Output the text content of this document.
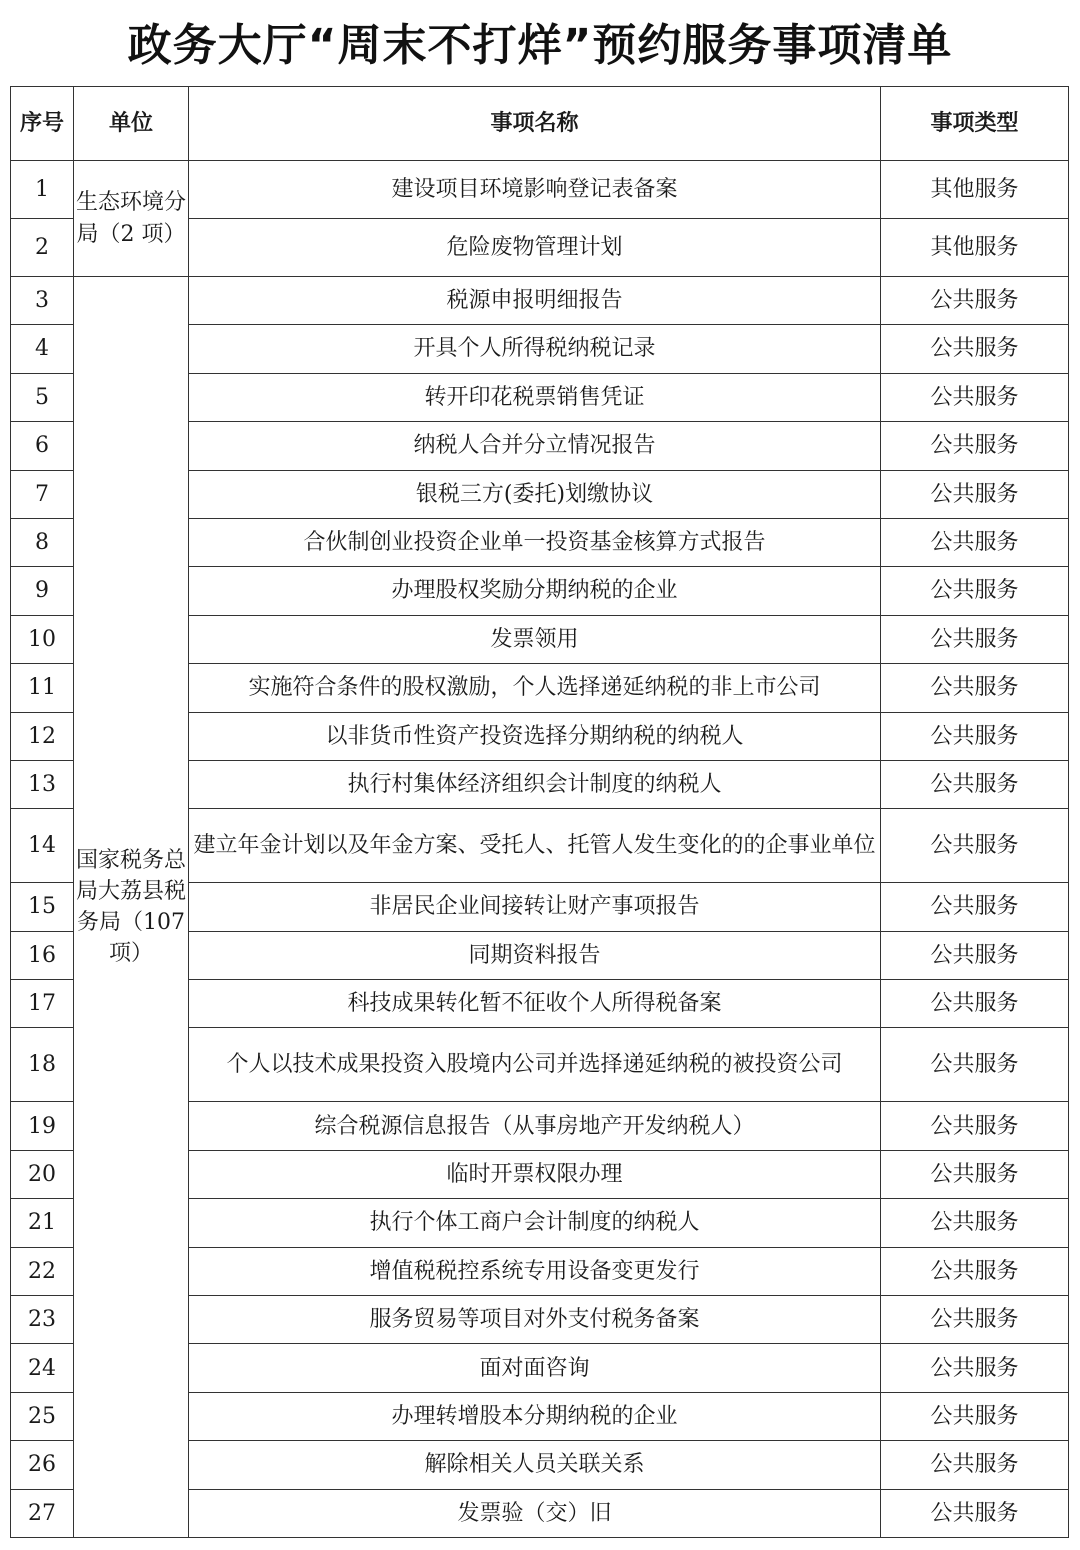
政务大厅“周末不打烊”预约服务事项清单
序号	单位	事项名称	事项类型
1	生态环境分局（2 项）	建设项目环境影响登记表备案	其他服务
2		危险废物管理计划	其他服务
3	国家税务总局大荔县税务局（107 项）	税源申报明细报告	公共服务
4		开具个人所得税纳税记录	公共服务
5		转开印花税票销售凭证	公共服务
6		纳税人合并分立情况报告	公共服务
7		银税三方(委托)划缴协议	公共服务
8		合伙制创业投资企业单一投资基金核算方式报告	公共服务
9		办理股权奖励分期纳税的企业	公共服务
10		发票领用	公共服务
11		实施符合条件的股权激励，个人选择递延纳税的非上市公司	公共服务
12		以非货币性资产投资选择分期纳税的纳税人	公共服务
13		执行村集体经济组织会计制度的纳税人	公共服务
14		建立年金计划以及年金方案、受托人、托管人发生变化的的企事业单位	公共服务
15		非居民企业间接转让财产事项报告	公共服务
16		同期资料报告	公共服务
17		科技成果转化暂不征收个人所得税备案	公共服务
18		个人以技术成果投资入股境内公司并选择递延纳税的被投资公司	公共服务
19		综合税源信息报告（从事房地产开发纳税人）	公共服务
20		临时开票权限办理	公共服务
21		执行个体工商户会计制度的纳税人	公共服务
22		增值税税控系统专用设备变更发行	公共服务
23		服务贸易等项目对外支付税务备案	公共服务
24		面对面咨询	公共服务
25		办理转增股本分期纳税的企业	公共服务
26		解除相关人员关联关系	公共服务
27		发票验（交）旧	公共服务
